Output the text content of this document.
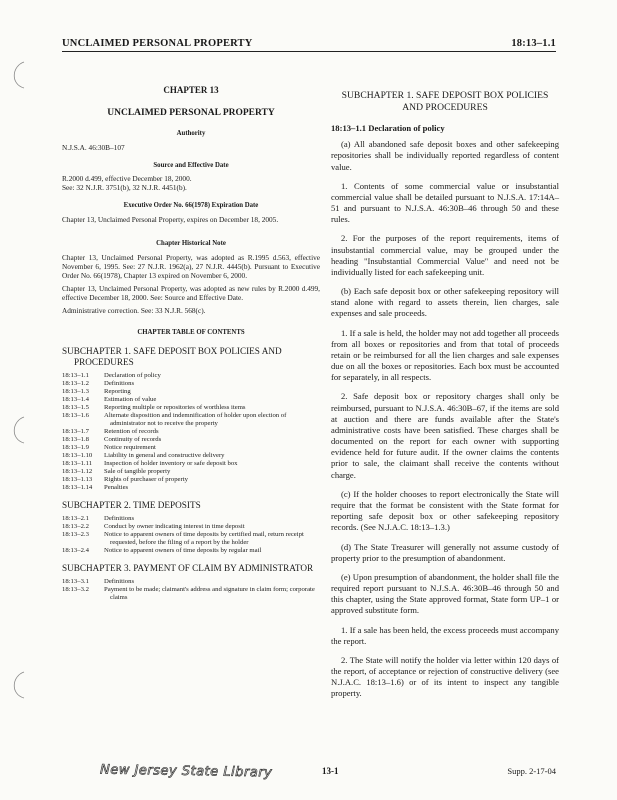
UNCLAIMED PERSONAL PROPERTY	18:13–1.1
CHAPTER 13
UNCLAIMED PERSONAL PROPERTY
Authority
N.J.S.A. 46:30B–107
Source and Effective Date
R.2000 d.499, effective December 18, 2000.
See: 32 N.J.R. 3751(b), 32 N.J.R. 4451(b).
Executive Order No. 66(1978) Expiration Date
Chapter 13, Unclaimed Personal Property, expires on December 18, 2005.
Chapter Historical Note
Chapter 13, Unclaimed Personal Property, was adopted as R.1995 d.563, effective November 6, 1995. See: 27 N.J.R. 1962(a), 27 N.J.R. 4445(b). Pursuant to Executive Order No. 66(1978), Chapter 13 expired on November 6, 2000.
Chapter 13, Unclaimed Personal Property, was adopted as new rules by R.2000 d.499, effective December 18, 2000. See: Source and Effective Date.
Administrative correction. See: 33 N.J.R. 568(c).
CHAPTER TABLE OF CONTENTS
SUBCHAPTER 1. SAFE DEPOSIT BOX POLICIES AND PROCEDURES
18:13–1.1	Declaration of policy
18:13–1.2	Definitions
18:13–1.3	Reporting
18:13–1.4	Estimation of value
18:13–1.5	Reporting multiple or repositories of worthless items
18:13–1.6	Alternate disposition and indemnification of holder upon election of administrator not to receive the property
18:13–1.7	Retention of records
18:13–1.8	Continuity of records
18:13–1.9	Notice requirement
18:13–1.10	Liability in general and constructive delivery
18:13–1.11	Inspection of holder inventory or safe deposit box
18:13–1.12	Sale of tangible property
18:13–1.13	Rights of purchaser of property
18:13–1.14	Penalties
SUBCHAPTER 2. TIME DEPOSITS
18:13–2.1	Definitions
18:13–2.2	Conduct by owner indicating interest in time deposit
18:13–2.3	Notice to apparent owners of time deposits by certified mail, return receipt requested, before the filing of a report by the holder
18:13–2.4	Notice to apparent owners of time deposits by regular mail
SUBCHAPTER 3. PAYMENT OF CLAIM BY ADMINISTRATOR
18:13–3.1	Definitions
18:13–3.2	Payment to be made; claimant's address and signature in claim form; corporate claims
SUBCHAPTER 1. SAFE DEPOSIT BOX POLICIES AND PROCEDURES
18:13–1.1 Declaration of policy

(a) All abandoned safe deposit boxes and other safekeeping repositories shall be individually reported regardless of content value.

1. Contents of some commercial value or insubstantial commercial value shall be detailed pursuant to N.J.S.A. 17:14A–51 and pursuant to N.J.S.A. 46:30B–46 through 50 and these rules.

2. For the purposes of the report requirements, items of insubstantial commercial value, may be grouped under the heading "Insubstantial Commercial Value" and need not be individually listed for each safekeeping unit.

(b) Each safe deposit box or other safekeeping repository will stand alone with regard to assets therein, lien charges, sale expenses and sale proceeds.

1. If a sale is held, the holder may not add together all proceeds from all boxes or repositories and from that total of proceeds retain or be reimbursed for all the lien charges and sale expenses due on all the boxes or repositories. Each box must be accounted for separately, in all respects.

2. Safe deposit box or repository charges shall only be reimbursed, pursuant to N.J.S.A. 46:30B–67, if the items are sold at auction and there are funds available after the State's administrative costs have been satisfied. These charges shall be documented on the report for each owner with supporting evidence held for future audit. If the owner claims the contents prior to sale, the claimant shall receive the contents without charge.

(c) If the holder chooses to report electronically the State will require that the format be consistent with the State format for reporting safe deposit box or other safekeeping repository records. (See N.J.A.C. 18:13–1.3.)

(d) The State Treasurer will generally not assume custody of property prior to the presumption of abandonment.

(e) Upon presumption of abandonment, the holder shall file the required report pursuant to N.J.S.A. 46:30B–46 through 50 and this chapter, using the State approved format, State form UP–1 or approved substitute form.

1. If a sale has been held, the excess proceeds must accompany the report.

2. The State will notify the holder via letter within 120 days of the report, of acceptance or rejection of constructive delivery (see N.J.A.C. 18:13–1.6) or of its intent to inspect any tangible property.

13-1	Supp. 2-17-04
New Jersey State Library
